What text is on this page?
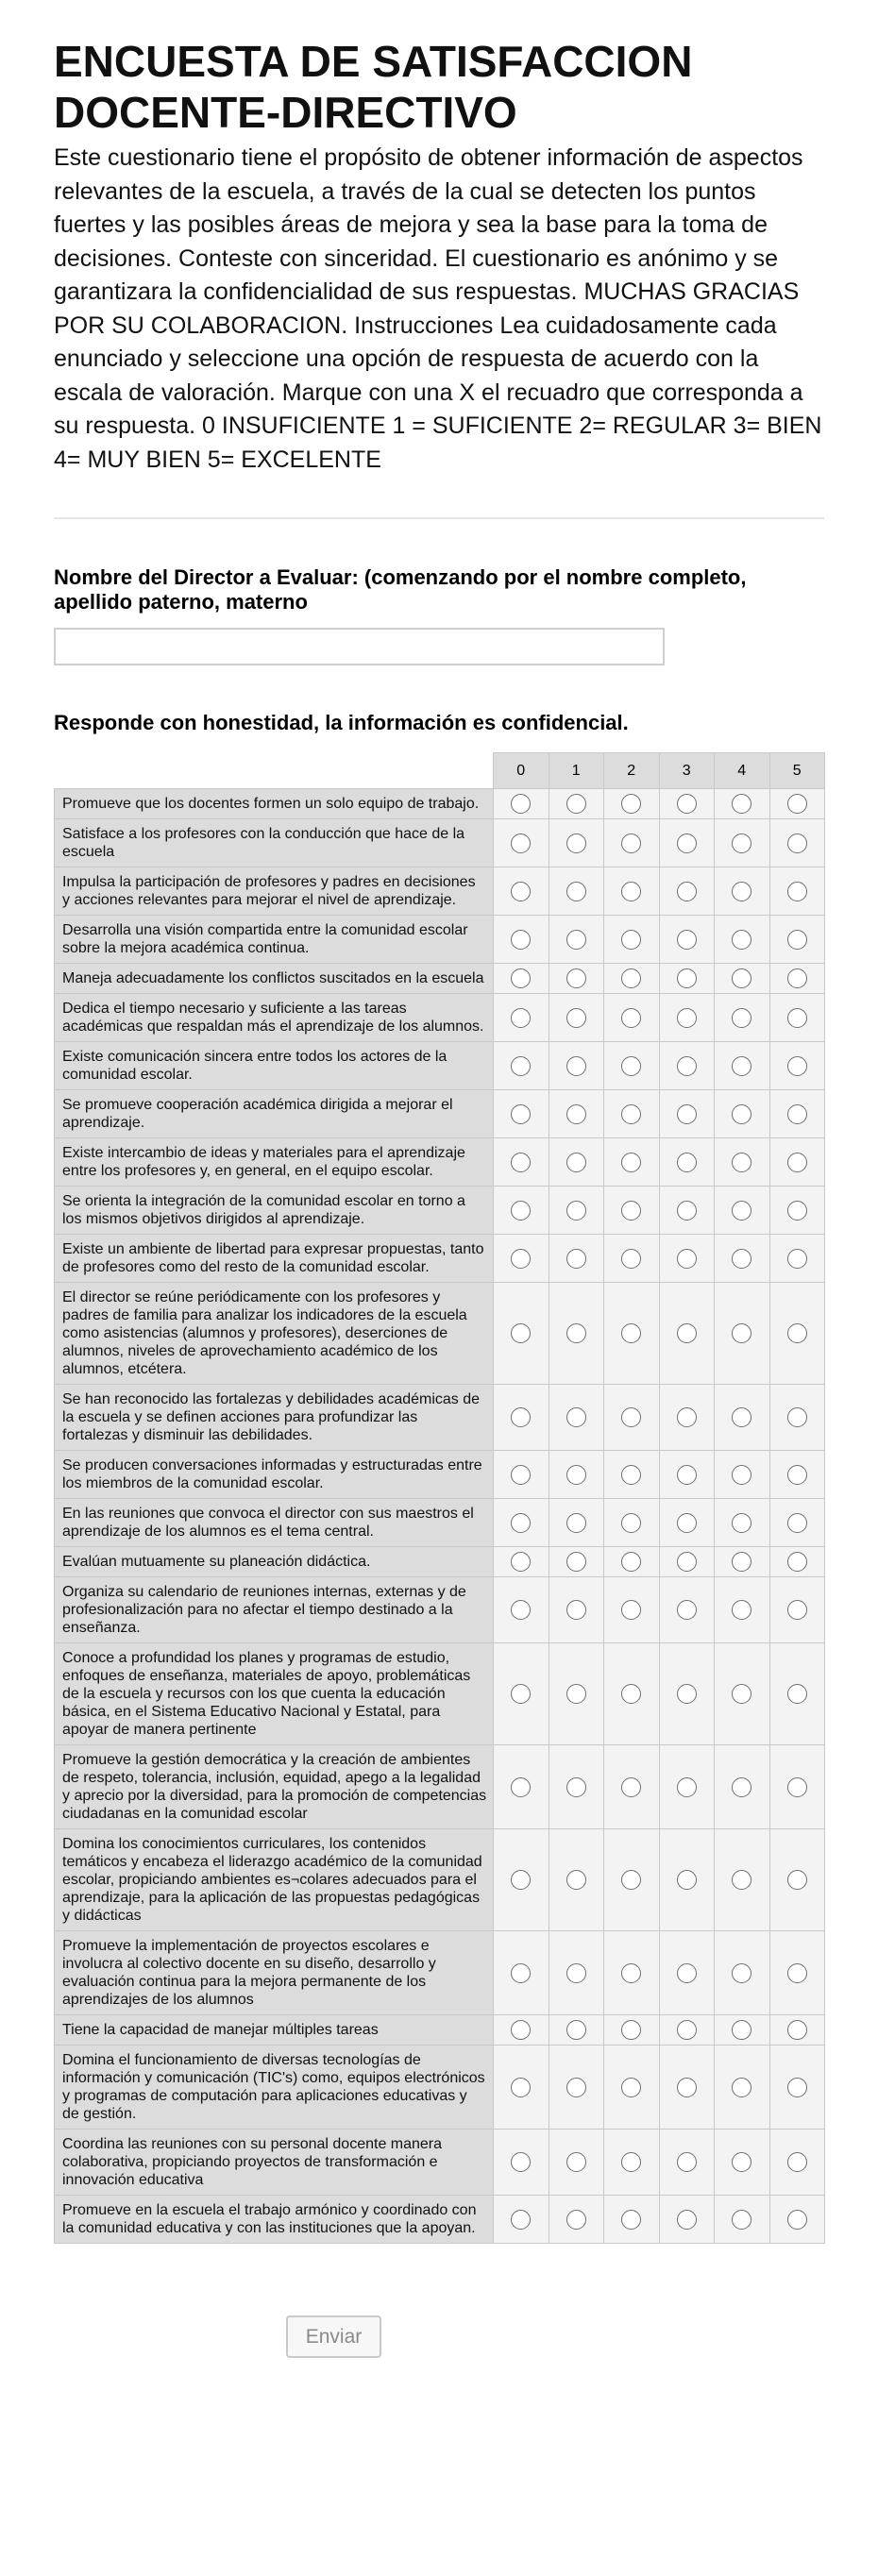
ENCUESTA DE SATISFACCION DOCENTE-DIRECTIVO

Este cuestionario tiene el propósito de obtener información de aspectos relevantes de la escuela, a través de la cual se detecten los puntos fuertes y las posibles áreas de mejora y sea la base para la toma de decisiones. Conteste con sinceridad. El cuestionario es anónimo y se garantizara la confidencialidad de sus respuestas. MUCHAS GRACIAS POR SU COLABORACION. Instrucciones Lea cuidadosamente cada enunciado y seleccione una opción de respuesta de acuerdo con la escala de valoración. Marque con una X el recuadro que corresponda a su respuesta. 0 INSUFICIENTE 1 = SUFICIENTE 2= REGULAR 3= BIEN 4= MUY BIEN 5= EXCELENTE

Nombre del Director a Evaluar: (comenzando por el nombre completo, apellido paterno, materno
Responde con honestidad, la información es confidencial.
	0	1	2	3	4	5
Promueve que los docentes formen un solo equipo de trabajo.						
Satisface a los profesores con la conducción que hace de la escuela						
Impulsa la participación de profesores y padres en decisiones y acciones relevantes para mejorar el nivel de aprendizaje.						
Desarrolla una visión compartida entre la comunidad escolar sobre la mejora académica continua.						
Maneja adecuadamente los conflictos suscitados en la escuela						
Dedica el tiempo necesario y suficiente a las tareas académicas que respaldan más el aprendizaje de los alumnos.						
Existe comunicación sincera entre todos los actores de la comunidad escolar.						
Se promueve cooperación académica dirigida a mejorar el aprendizaje.						
Existe intercambio de ideas y materiales para el aprendizaje entre los profesores y, en general, en el equipo escolar.						
Se orienta la integración de la comunidad escolar en torno a los mismos objetivos dirigidos al aprendizaje.						
Existe un ambiente de libertad para expresar propuestas, tanto de profesores como del resto de la comunidad escolar.						
El director se reúne periódicamente con los profesores y padres de familia para analizar los indicadores de la escuela como asistencias (alumnos y profesores), deserciones de alumnos, niveles de aprovechamiento académico de los alumnos, etcétera.						
Se han reconocido las fortalezas y debilidades académicas de la escuela y se definen acciones para profundizar las fortalezas y disminuir las debilidades.						
Se producen conversaciones informadas y estructuradas entre los miembros de la comunidad escolar.						
En las reuniones que convoca el director con sus maestros el aprendizaje de los alumnos es el tema central.						
Evalúan mutuamente su planeación didáctica.						
Organiza su calendario de reuniones internas, externas y de profesionalización para no afectar el tiempo destinado a la enseñanza.						
Conoce a profundidad los planes y programas de estudio, enfoques de enseñanza, materiales de apoyo, problemáticas de la escuela y recursos con los que cuenta la educación básica, en el Sistema Educativo Nacional y Estatal, para apoyar de manera pertinente						
Promueve la gestión democrática y la creación de ambientes de respeto, tolerancia, inclusión, equidad, apego a la legalidad y aprecio por la diversidad, para la promoción de competencias ciudadanas en la comunidad escolar						
Domina los conocimientos curriculares, los contenidos temáticos y encabeza el liderazgo académico de la comunidad escolar, propiciando ambientes es¬colares adecuados para el aprendizaje, para la aplicación de las propuestas pedagógicas y didácticas						
Promueve la implementación de proyectos escolares e involucra al colectivo docente en su diseño, desarrollo y evaluación continua para la mejora permanente de los aprendizajes de los alumnos						
Tiene la capacidad de manejar múltiples tareas						
Domina el funcionamiento de diversas tecnologías de información y comunicación (TIC's) como, equipos electrónicos y programas de computación para aplicaciones educativas y de gestión.						
Coordina las reuniones con su personal docente manera colaborativa, propiciando proyectos de transformación e innovación educativa						
Promueve en la escuela el trabajo armónico y coordinado con la comunidad educativa y con las instituciones que la apoyan.						
Enviar
